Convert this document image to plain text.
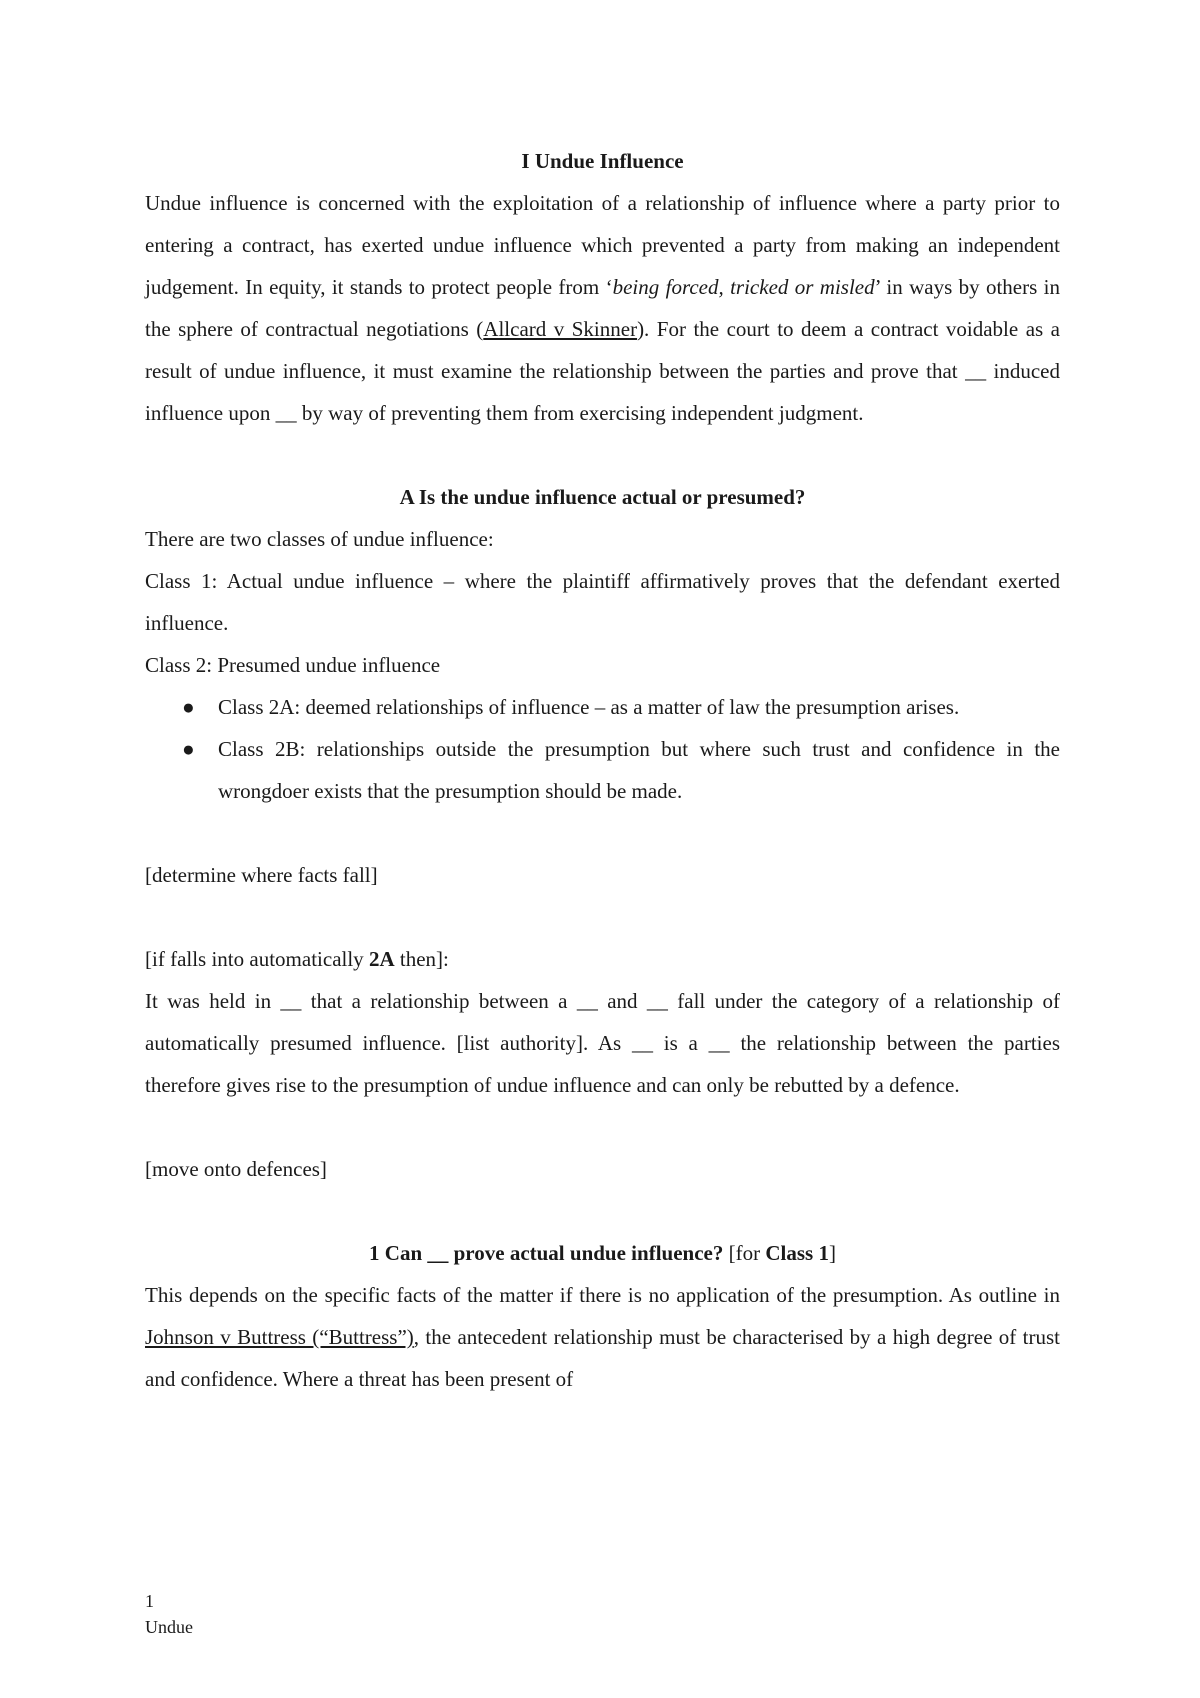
I Undue Influence

Undue influence is concerned with the exploitation of a relationship of influence where a party prior to entering a contract, has exerted undue influence which prevented a party from making an independent judgement. In equity, it stands to protect people from ‘being forced, tricked or misled’ in ways by others in the sphere of contractual negotiations (Allcard v Skinner). For the court to deem a contract voidable as a result of undue influence, it must examine the relationship between the parties and prove that __ induced influence upon __ by way of preventing them from exercising independent judgment.

A Is the undue influence actual or presumed?

There are two classes of undue influence:

Class 1: Actual undue influence – where the plaintiff affirmatively proves that the defendant exerted influence.

Class 2: Presumed undue influence

● Class 2A: deemed relationships of influence – as a matter of law the presumption arises.
● Class 2B: relationships outside the presumption but where such trust and confidence in the wrongdoer exists that the presumption should be made.

[determine where facts fall]

[if falls into automatically 2A then]:

It was held in __ that a relationship between a __ and __ fall under the category of a relationship of automatically presumed influence. [list authority]. As __ is a __ the relationship between the parties therefore gives rise to the presumption of undue influence and can only be rebutted by a defence.

[move onto defences]

1 Can __ prove actual undue influence? [for Class 1]

This depends on the specific facts of the matter if there is no application of the presumption. As outline in Johnson v Buttress (“Buttress”), the antecedent relationship must be characterised by a high degree of trust and confidence. Where a threat has been present of

1
Undue
